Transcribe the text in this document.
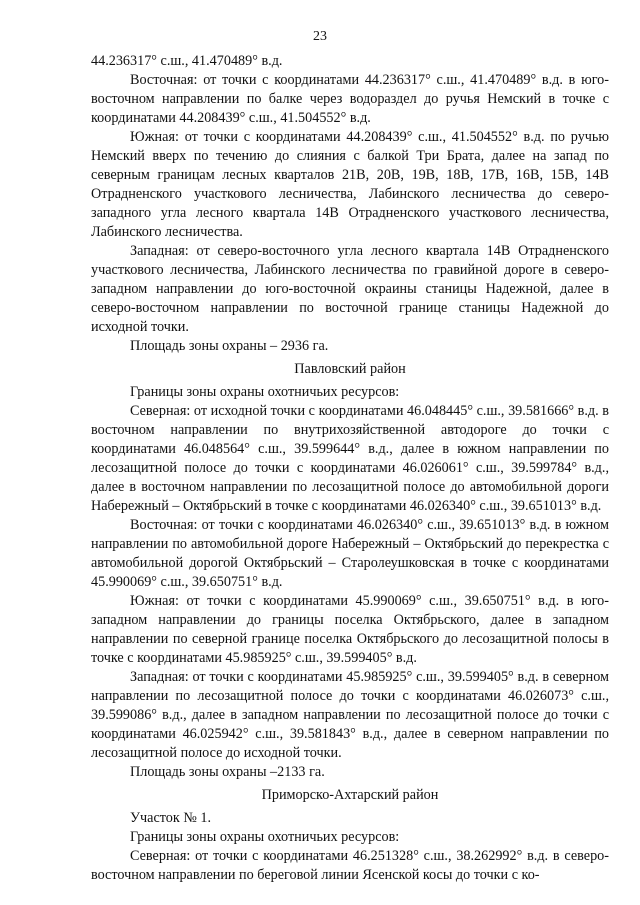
23

44.236317° с.ш., 41.470489° в.д.

Восточная: от точки с координатами 44.236317° с.ш., 41.470489° в.д. в юго-восточном направлении по балке через водораздел до ручья Немский в точке с координатами 44.208439° с.ш., 41.504552° в.д.

Южная: от точки с координатами 44.208439° с.ш., 41.504552° в.д. по ручью Немский вверх по течению до слияния с балкой Три Брата, далее на запад по северным границам лесных кварталов 21В, 20В, 19В, 18В, 17В, 16В, 15В, 14В Отрадненского участкового лесничества, Лабинского лесничества до северо-западного угла лесного квартала 14В Отрадненского участкового лесничества, Лабинского лесничества.

Западная: от северо-восточного угла лесного квартала 14В Отрадненского участкового лесничества, Лабинского лесничества по гравийной дороге в северо-западном направлении до юго-восточной окраины станицы Надежной, далее в северо-восточном направлении по восточной границе станицы Надежной до исходной точки.

Площадь зоны охраны – 2936 га.

Павловский район

Границы зоны охраны охотничьих ресурсов:

Северная: от исходной точки с координатами 46.048445° с.ш., 39.581666° в.д. в восточном направлении по внутрихозяйственной автодороге до точки с координатами 46.048564° с.ш., 39.599644° в.д., далее в южном направлении по лесозащитной полосе до точки с координатами 46.026061° с.ш., 39.599784° в.д., далее в восточном направлении по лесозащитной полосе до автомобильной дороги Набережный – Октябрьский в точке с координатами 46.026340° с.ш., 39.651013° в.д.

Восточная: от точки с координатами 46.026340° с.ш., 39.651013° в.д. в южном направлении по автомобильной дороге Набережный – Октябрьский до перекрестка с автомобильной дорогой Октябрьский – Старолеушковская в точке с координатами 45.990069° с.ш., 39.650751° в.д.

Южная: от точки с координатами 45.990069° с.ш., 39.650751° в.д. в юго-западном направлении до границы поселка Октябрьского, далее в западном направлении по северной границе поселка Октябрьского до лесозащитной полосы в точке с координатами 45.985925° с.ш., 39.599405° в.д.

Западная: от точки с координатами 45.985925° с.ш., 39.599405° в.д. в северном направлении по лесозащитной полосе до точки с координатами 46.026073° с.ш., 39.599086° в.д., далее в западном направлении по лесозащитной полосе до точки с координатами 46.025942° с.ш., 39.581843° в.д., далее в северном направлении по лесозащитной полосе до исходной точки.

Площадь зоны охраны –2133 га.

Приморско-Ахтарский район

Участок № 1.

Границы зоны охраны охотничьих ресурсов:

Северная: от точки с координатами 46.251328° с.ш., 38.262992° в.д. в северо-восточном направлении по береговой линии Ясенской косы до точки с ко-
